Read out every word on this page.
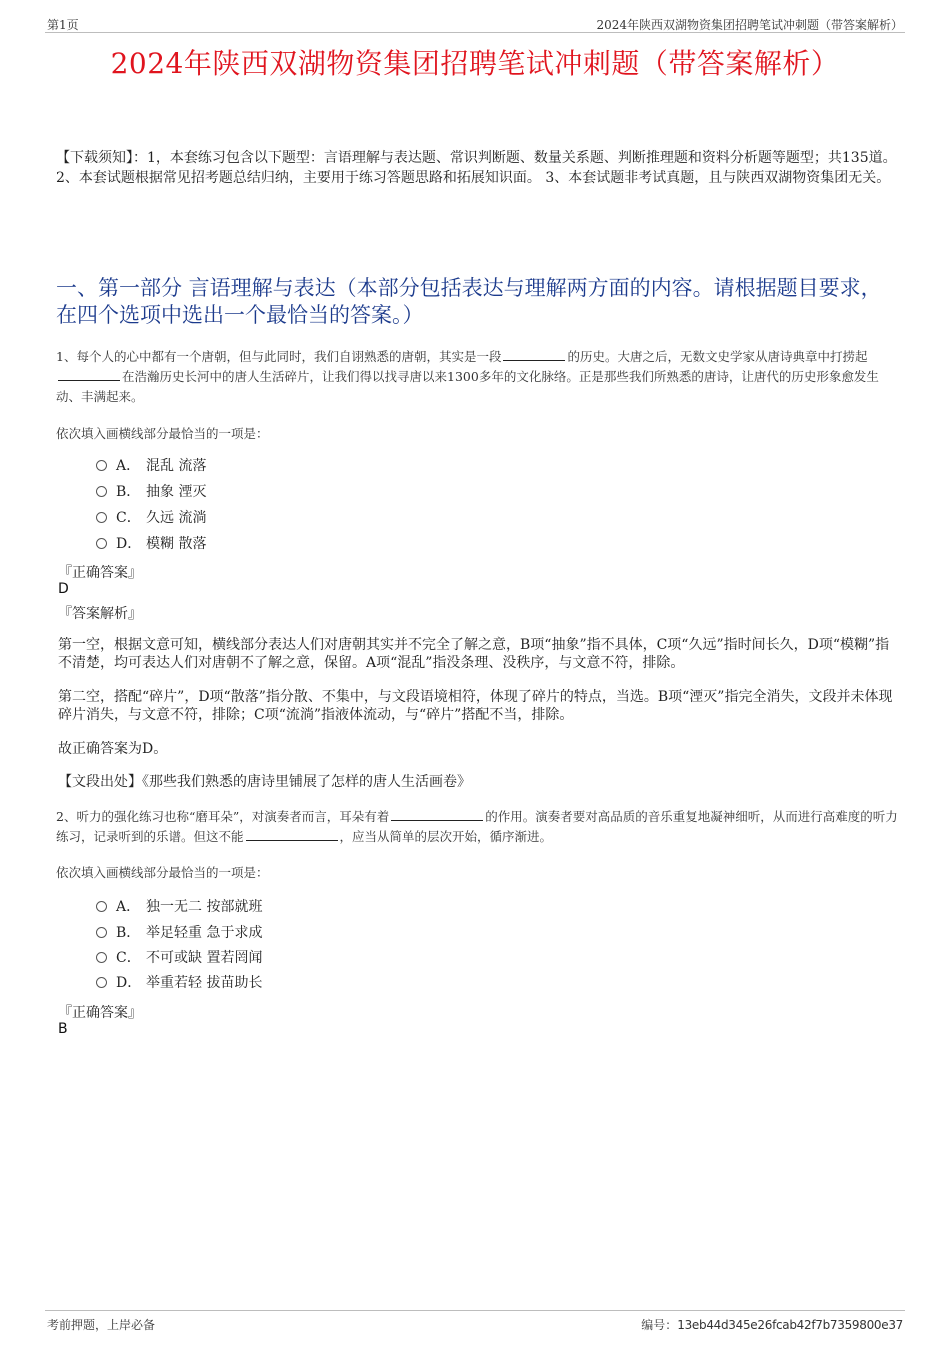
第1页	2024年陕西双湖物资集团招聘笔试冲刺题（带答案解析）
2024年陕西双湖物资集团招聘笔试冲刺题（带答案解析）
【下载须知】：1，本套练习包含以下题型：言语理解与表达题、常识判断题、数量关系题、判断推理题和资料分析题等题型；共135道。 2、本套试题根据常见招考题总结归纳，主要用于练习答题思路和拓展知识面。 3、本套试题非考试真题，且与陕西双湖物资集团无关。
一、第一部分 言语理解与表达（本部分包括表达与理解两方面的内容。请根据题目要求，在四个选项中选出一个最恰当的答案。）
1、每个人的心中都有一个唐朝，但与此同时，我们自诩熟悉的唐朝，其实是一段	的历史。大唐之后，无数文史学家从唐诗典章中打捞起在浩瀚历史长河中的唐人生活碎片，让我们得以找寻唐以来1300多年的文化脉络。正是那些我们所熟悉的唐诗，让唐代的历史形象愈发生动、丰满起来。
依次填入画横线部分最恰当的一项是：
A． 混乱 流落
B． 抽象 湮灭
C． 久远 流淌
D． 模糊 散落
『正确答案』
D
『答案解析』
第一空，根据文意可知，横线部分表达人们对唐朝其实并不完全了解之意，B项“抽象”指不具体，C项“久远”指时间长久，D项“模糊”指不清楚，均可表达人们对唐朝不了解之意，保留。A项“混乱”指没条理、没秩序，与文意不符，排除。
第二空，搭配“碎片”，D项“散落”指分散、不集中，与文段语境相符，体现了碎片的特点，当选。B项“湮灭”指完全消失，文段并未体现碎片消失，与文意不符，排除；C项“流淌”指液体流动，与“碎片”搭配不当，排除。
故正确答案为D。
【文段出处】《那些我们熟悉的唐诗里铺展了怎样的唐人生活画卷》
2、听力的强化练习也称“磨耳朵”，对演奏者而言，耳朵有着	的作用。演奏者要对高品质的音乐重复地凝神细听，从而进行高难度的听力练习，记录听到的乐谱。但这不能	，应当从简单的层次开始，循序渐进。
依次填入画横线部分最恰当的一项是：
A． 独一无二 按部就班
B． 举足轻重 急于求成
C． 不可或缺 置若罔闻
D． 举重若轻 拔苗助长
『正确答案』
B
考前押题，上岸必备	编号：13eb44d345e26fcab42f7b7359800e37
